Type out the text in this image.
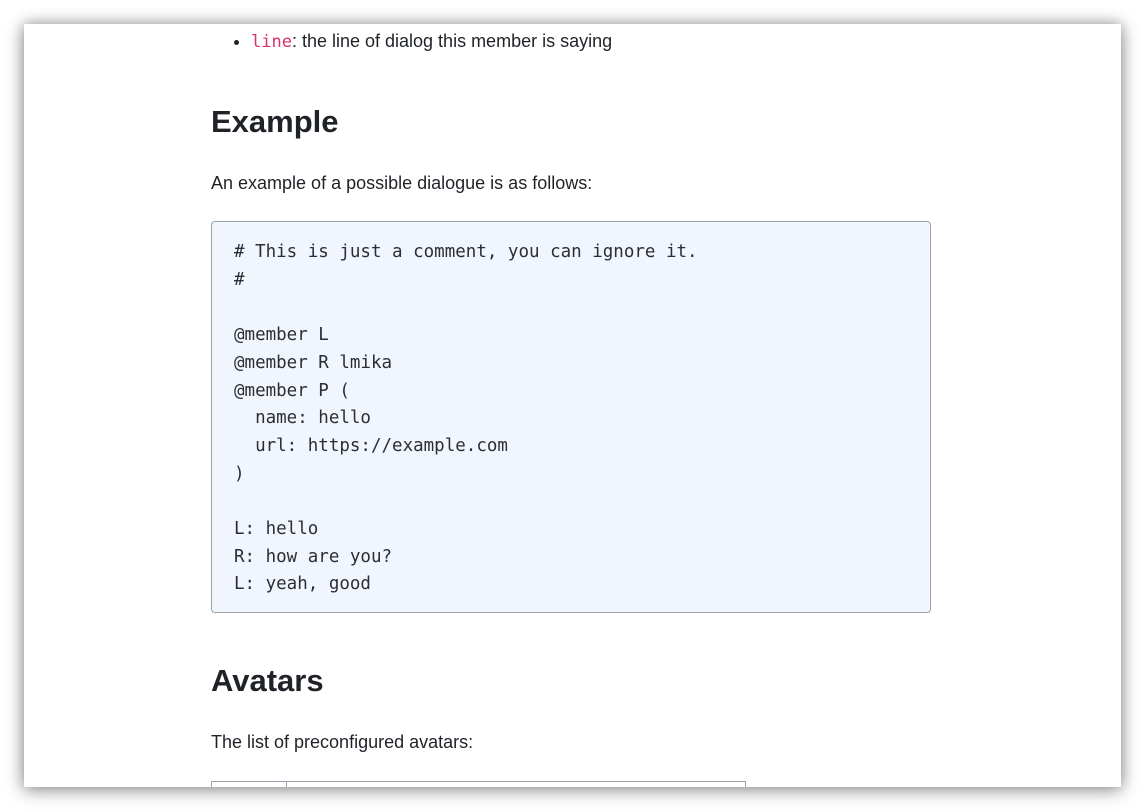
• line: the line of dialog this member is saying
Example

An example of a possible dialogue is as follows:

# This is just a comment, you can ignore it.
#

@member L
@member R lmika
@member P (
name: hello
url: https://example.com
)

L: hello
R: how are you?
L: yeah, good
Avatars

The list of preconfigured avatars:
